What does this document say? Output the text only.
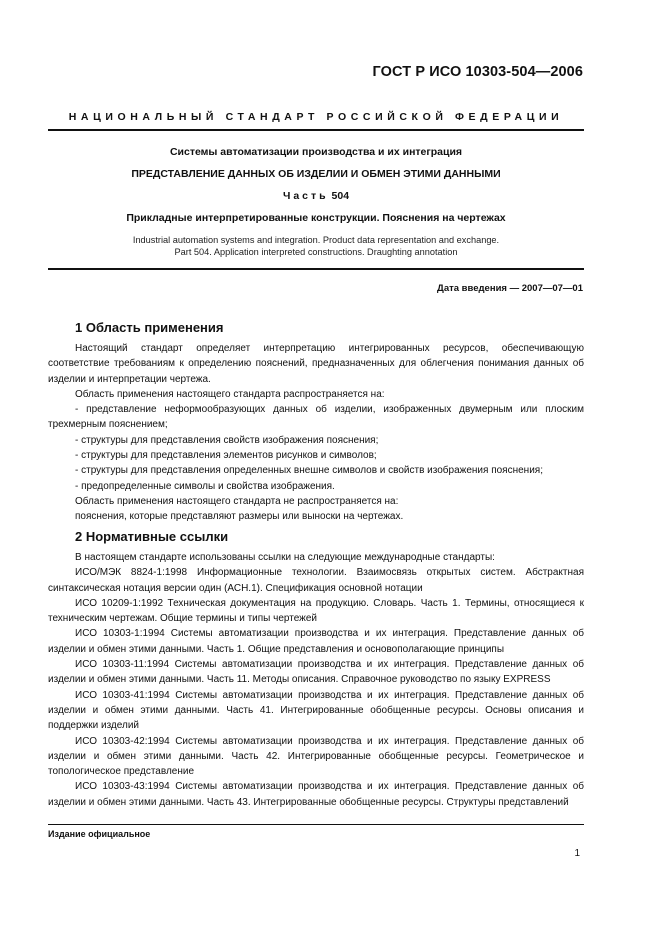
ГОСТ Р ИСО 10303-504—2006
НАЦИОНАЛЬНЫЙ СТАНДАРТ РОССИЙСКОЙ ФЕДЕРАЦИИ
Системы автоматизации производства и их интеграция
ПРЕДСТАВЛЕНИЕ ДАННЫХ ОБ ИЗДЕЛИИ И ОБМЕН ЭТИМИ ДАННЫМИ
Часть 504
Прикладные интерпретированные конструкции. Пояснения на чертежах
Industrial automation systems and integration. Product data representation and exchange.
Part 504. Application interpreted constructions. Draughting annotation
Дата введения — 2007—07—01
1 Область применения

Настоящий стандарт определяет интерпретацию интегрированных ресурсов, обеспечивающую соответствие требованиям к определению пояснений, предназначенных для облегчения понимания данных об изделии и интерпретации чертежа.

Область применения настоящего стандарта распространяется на:

- представление неформообразующих данных об изделии, изображенных двумерным или плоским трехмерным пояснением;

- структуры для представления свойств изображения пояснения;

- структуры для представления элементов рисунков и символов;

- структуры для представления определенных внешне символов и свойств изображения пояснения;

- предопределенные символы и свойства изображения.

Область применения настоящего стандарта не распространяется на:

пояснения, которые представляют размеры или выноски на чертежах.

2 Нормативные ссылки

В настоящем стандарте использованы ссылки на следующие международные стандарты:

ИСО/МЭК 8824-1:1998 Информационные технологии. Взаимосвязь открытых систем. Абстрактная синтаксическая нотация версии один (АСН.1). Спецификация основной нотации

ИСО 10209-1:1992 Техническая документация на продукцию. Словарь. Часть 1. Термины, относящиеся к техническим чертежам. Общие термины и типы чертежей

ИСО 10303-1:1994 Системы автоматизации производства и их интеграция. Представление данных об изделии и обмен этими данными. Часть 1. Общие представления и основополагающие принципы

ИСО 10303-11:1994 Системы автоматизации производства и их интеграция. Представление данных об изделии и обмен этими данными. Часть 11. Методы описания. Справочное руководство по языку EXPRESS

ИСО 10303-41:1994 Системы автоматизации производства и их интеграция. Представление данных об изделии и обмен этими данными. Часть 41. Интегрированные обобщенные ресурсы. Основы описания и поддержки изделий

ИСО 10303-42:1994 Системы автоматизации производства и их интеграция. Представление данных об изделии и обмен этими данными. Часть 42. Интегрированные обобщенные ресурсы. Геометрическое и топологическое представление

ИСО 10303-43:1994 Системы автоматизации производства и их интеграция. Представление данных об изделии и обмен этими данными. Часть 43. Интегрированные обобщенные ресурсы. Структуры представлений

Издание официальное
1
